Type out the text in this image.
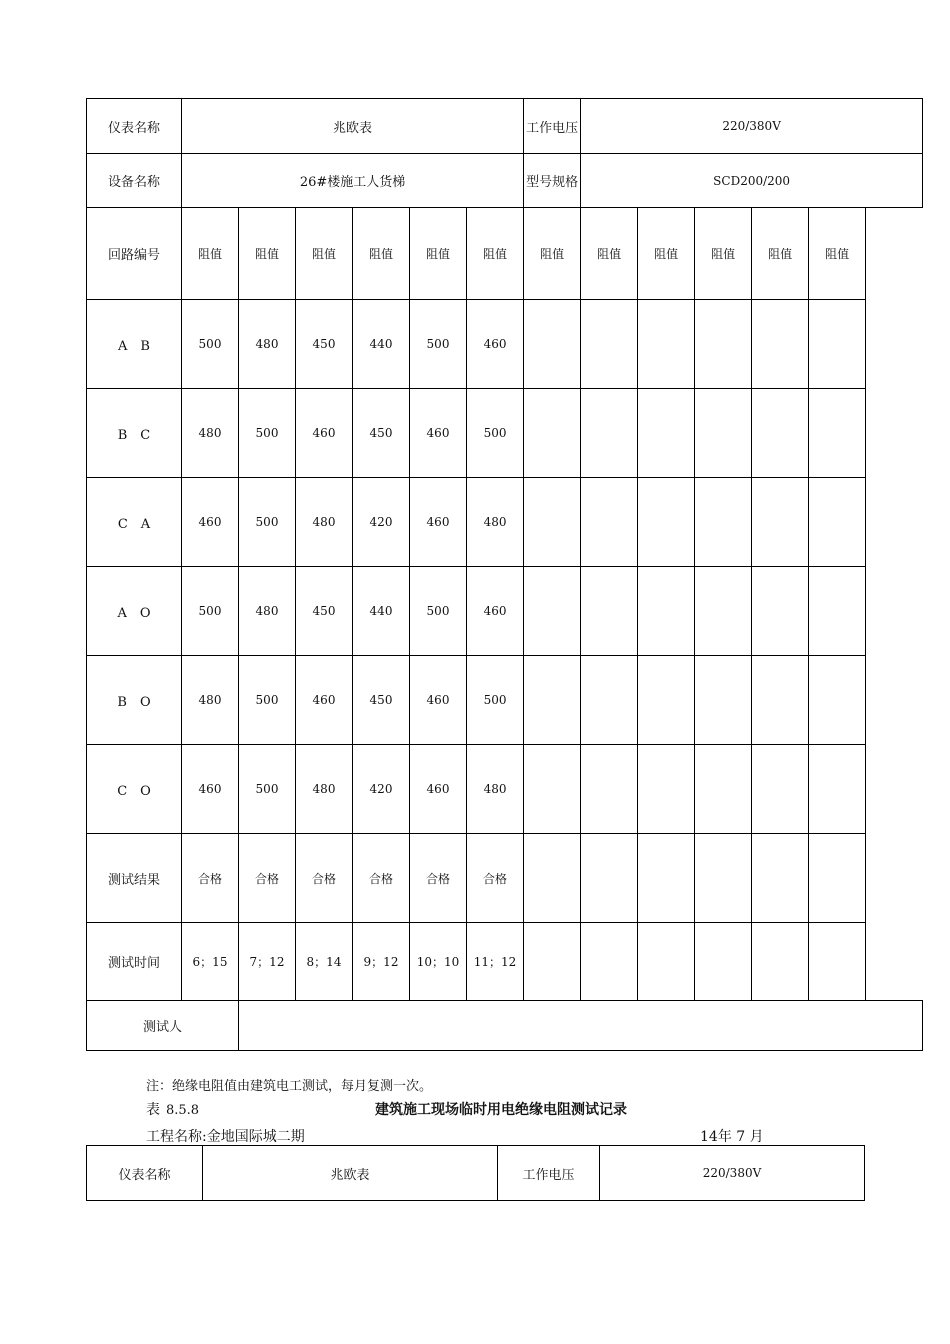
仪表名称	兆欧表						工作电压	220/380V				
设备名称	26#楼施工人货梯						型号规格	SCD200/200				
回路编号	阻值	阻值	阻值	阻值	阻值	阻值	阻值	阻值	阻值	阻值	阻值	阻值
A　B	500	480	450	440	500	460						
B　C	480	500	460	450	460	500						
C　A	460	500	480	420	460	480						
A　O	500	480	450	440	500	460						
B　O	480	500	460	450	460	500						
C　O	460	500	480	420	460	480						
测试结果	合格	合格	合格	合格	合格	合格						
测试时间	6；15	7；12	8；14	9；12	10；10	11；12						
测试人												
注：绝缘电阻值由建筑电工测试，每月复测一次。
表 8.5.8	建筑施工现场临时用电绝缘电阻测试记录
工程名称:金地国际城二期	14年 7 月
仪表名称	兆欧表	工作电压	220/380V
